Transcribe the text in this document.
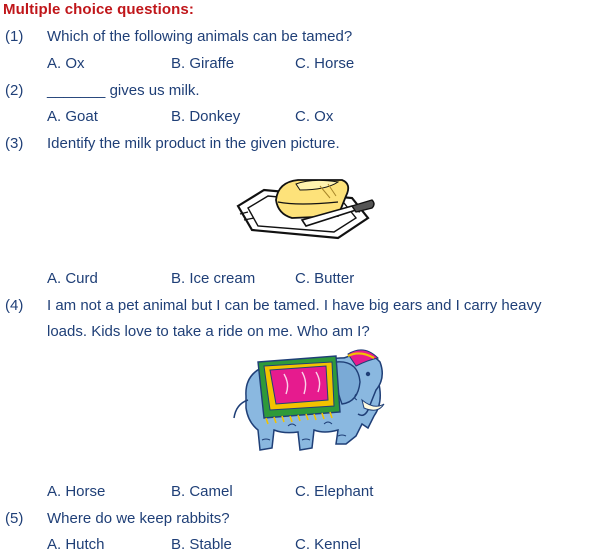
Multiple choice questions:
(1) Which of the following animals can be tamed?
A. Ox	B. Giraffe	C. Horse
(2) _______ gives us milk.
A. Goat	B. Donkey	C. Ox
(3) Identify the milk product in the given picture.
A. Curd	B. Ice cream	C. Butter
(4) I am not a pet animal but I can be tamed. I have big ears and I carry heavy
loads. Kids love to take a ride on me. Who am I?
A. Horse	B. Camel	C. Elephant
(5) Where do we keep rabbits?
A. Hutch	B. Stable	C. Kennel
